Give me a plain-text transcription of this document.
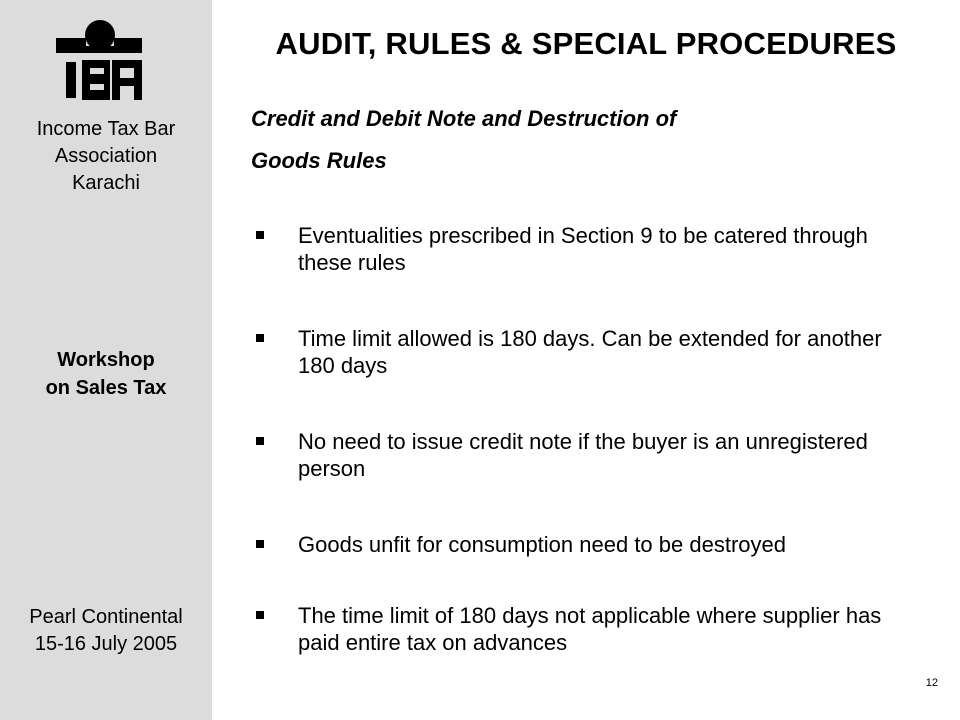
Income Tax Bar
Association
Karachi
Workshop
on Sales Tax
Pearl Continental
15-16 July 2005
AUDIT, RULES & SPECIAL PROCEDURES
Credit and Debit Note and Destruction of
Goods Rules
Eventualities prescribed in Section 9 to be catered through these rules
Time limit allowed is 180 days. Can be extended for another 180 days
No need to issue credit note if the buyer is an unregistered person
Goods unfit for consumption need to be destroyed
The time limit of 180 days not applicable where supplier has paid entire tax on advances
12
